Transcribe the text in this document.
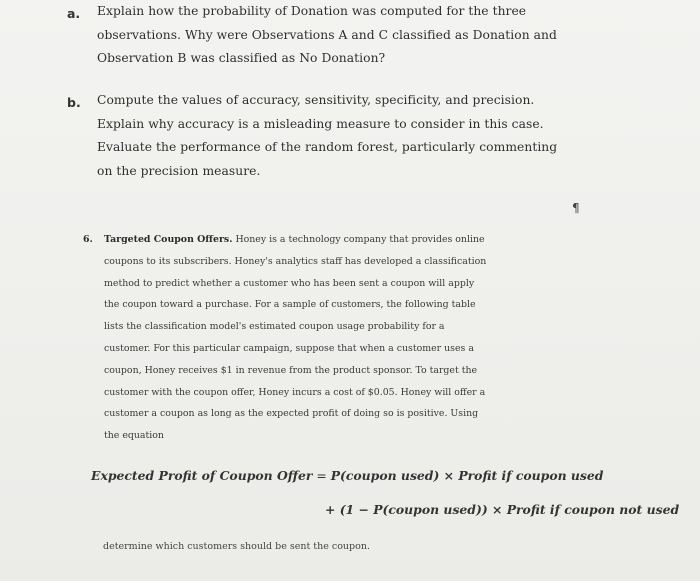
a. Explain how the probability of Donation was computed for the three
observations. Why were Observations A and C classified as Donation and
Observation B was classified as No Donation?
b. Compute the values of accuracy, sensitivity, specificity, and precision.
Explain why accuracy is a misleading measure to consider in this case.
Evaluate the performance of the random forest, particularly commenting
on the precision measure.
¶
6. Targeted Coupon Offers. Honey is a technology company that provides online
coupons to its subscribers. Honey's analytics staff has developed a classification
method to predict whether a customer who has been sent a coupon will apply
the coupon toward a purchase. For a sample of customers, the following table
lists the classification model's estimated coupon usage probability for a
customer. For this particular campaign, suppose that when a customer uses a
coupon, Honey receives $1 in revenue from the product sponsor. To target the
customer with the coupon offer, Honey incurs a cost of $0.05. Honey will offer a
customer a coupon as long as the expected profit of doing so is positive. Using
the equation
Expected Profit of Coupon Offer = P(coupon used) × Profit if coupon used
+ (1 − P(coupon used)) × Profit if coupon not used
determine which customers should be sent the coupon.
